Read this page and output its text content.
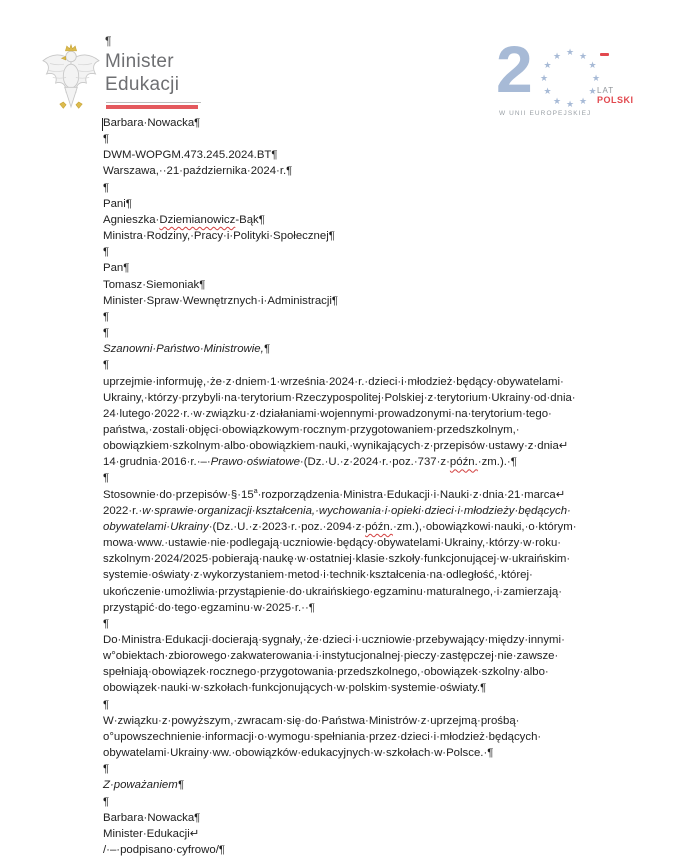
¶
Minister
Edukacji	2	★ ★
★
★
★
★
★
★
★
★
★
★
LAT
POLSKI
W UNII EUROPEJSKIEJ
Barbara·​Nowacka¶
¶
DWM-WOPGM.473.245.2024.BT¶
Warszawa,·​·​21·​października·​2024·​r.¶
¶
Pani¶
Agnieszka·​Dziemianowicz-Bąk¶
Ministra·​Rodziny,·​Pracy·​i·​Polityki·​Społecznej¶
¶
Pan¶
Tomasz·​Siemoniak¶
Minister·​Spraw·​Wewnętrznych·​i·​Administracji¶
¶
¶
Szanowni·​Państwo·​Ministrowie,¶
¶
uprzejmie·​informuję,·​że·​z·​dniem·​1·​września·​2024·​r.·​dzieci·​i·​młodzież·​będący·​obywatelami·​Ukrainy,·​którzy·​przybyli·​na·​terytorium·​Rzeczypospolitej·​Polskiej·​z·​terytorium·​Ukrainy·​od·​dnia·​24·​lutego·​2022·​r.·​w·​związku·​z·​działaniami·​wojennymi·​prowadzonymi·​na·​terytorium·​tego·​państwa,·​zostali·​objęci·​obowiązkowym·​rocznym·​przygotowaniem·​przedszkolnym,·​obowiązkiem·​szkolnym·​albo·​obowiązkiem·​nauki,·​wynikających·​z·​przepisów·​ustawy·​z·​dnia↵
14·​grudnia·​2016·​r.·​–·​Prawo·​oświatowe·​(Dz.·​U.·​z·​2024·​r.·​poz.·​737·​z·​późn.·​zm.).·​¶
¶
$Stosownie\cdot​do\cdot​przepisów\cdot​\S\cdot​15^a\cdot​rozporządzenia\cdot​Ministra\cdot​Edukacji\cdot​i\cdot​Nauki\cdot​z\cdot​dnia\cdot​21\cdot​marca↵$
2022·​r.·​w·​sprawie·​organizacji·​kształcenia,·​wychowania·​i·​opieki·​dzieci·​i·​młodzieży·​będących·​obywatelami·​Ukrainy·​(Dz.·​U.·​z·​2023·​r.·​poz.·​2094·​z·​późn.·​zm.),·​obowiązkowi·​nauki,·​o·​którym·​mowa·​www.·​ustawie·​nie·​podlegają·​uczniowie·​będący·​obywatelami·​Ukrainy,·​którzy·​w·​roku·​szkolnym·​2024/2025·​pobierają·​naukę·​w·​ostatniej·​klasie·​szkoły·​funkcjonującej·​w·​ukraińskim·​systemie·​oświaty·​z·​wykorzystaniem·​metod·​i·​technik·​kształcenia·​na·​odległość,·​której·​ukończenie·​umożliwia·​przystąpienie·​do·​ukraińskiego·​egzaminu·​maturalnego,·​i·​zamierzają·​przystąpić·​do·​tego·​egzaminu·​w·​2025·​r.·​·​¶
¶
Do·​Ministra·​Edukacji·​docierają·​sygnały,·​że·​dzieci·​i·​uczniowie·​przebywający·​między·​innymi·​w°obiektach·​zbiorowego·​zakwaterowania·​i·​instytucjonalnej·​pieczy·​zastępczej·​nie·​zawsze·​spełniają·​obowiązek·​rocznego·​przygotowania·​przedszkolnego,·​obowiązek·​szkolny·​albo·​obowiązek·​nauki·​w·​szkołach·​funkcjonujących·​w·​polskim·​systemie·​oświaty.¶
¶
W·​związku·​z·​powyższym,·​zwracam·​się·​do·​Państwa·​Ministrów·​z·​uprzejmą·​prośbą·​o°upowszechnienie·​informacji·​o·​wymogu·​spełniania·​przez·​dzieci·​i·​młodzież·​będących·​obywatelami·​Ukrainy·​ww.·​obowiązków·​edukacyjnych·​w·​szkołach·​w·​Polsce.·​¶
¶
Z·​poważaniem¶
¶
Barbara·​Nowacka¶
Minister·​Edukacji↵
/·​–·​podpisano·​cyfrowo/¶
